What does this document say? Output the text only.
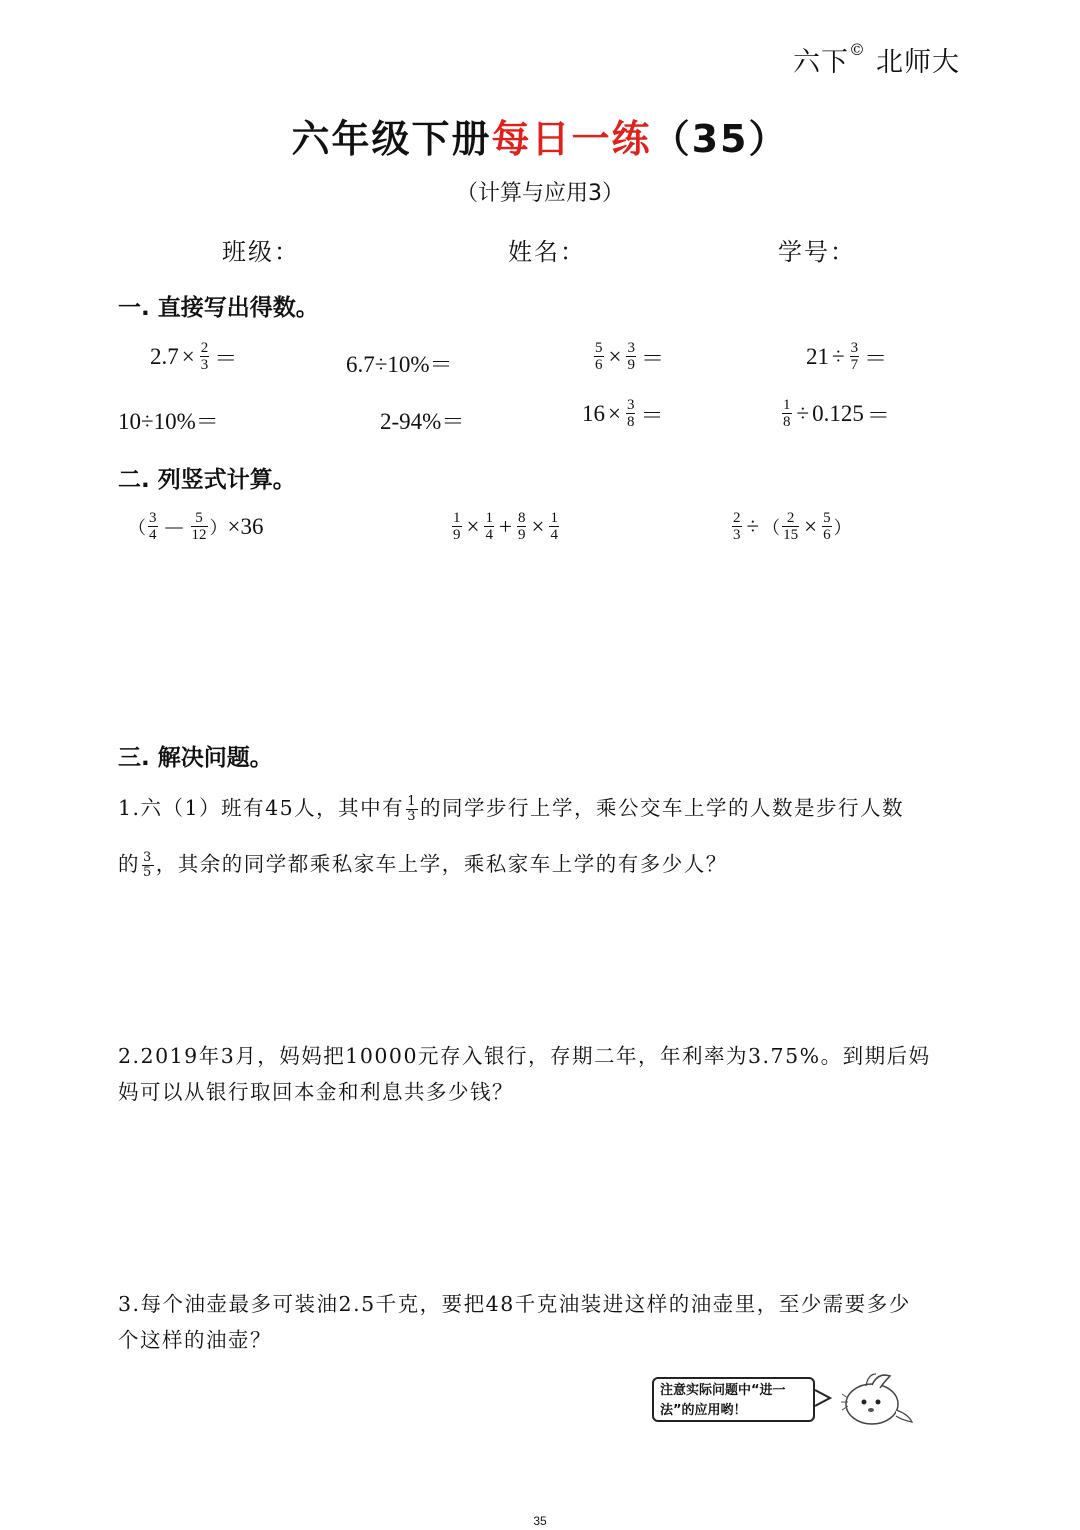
六下© 北师大
六年级下册每日一练（35）
（计算与应用3）
班级：	姓名：	学号：
一. 直接写出得数。
$2.7 \times \frac{2}{3}$ ＝	6.7÷10%＝	$\frac{5}{6} \times \frac{3}{9}$ ＝	$21 \div \frac{3}{7}$ ＝
10÷10%＝	2-94%＝	$16 \times \frac{3}{8}$ ＝	$\frac{1}{8} \div 0.125$ ＝
二. 列竖式计算。
（ $\frac{3}{4} - \frac{5}{12}$ ） ×36	$\frac{1}{9} \times \frac{1}{4} + \frac{8}{9} \times \frac{1}{4}$	$\frac{2}{3}$ ÷ （ $\frac{2}{15} \times \frac{5}{6}$ ）
三. 解决问题。
1.六（1）班有45人，其中有 $\frac{1}{3}$ 的同学步行上学，乘公交车上学的人数是步行人数
的 $\frac{3}{5}$ ，其余的同学都乘私家车上学，乘私家车上学的有多少人？
2.2019年3月，妈妈把10000元存入银行，存期二年，年利率为3.75%。到期后妈
妈可以从银行取回本金和利息共多少钱？
3.每个油壶最多可装油2.5千克，要把48千克油装进这样的油壶里，至少需要多少
个这样的油壶？
注意实际问题中“进一
法”的应用哟！
35
